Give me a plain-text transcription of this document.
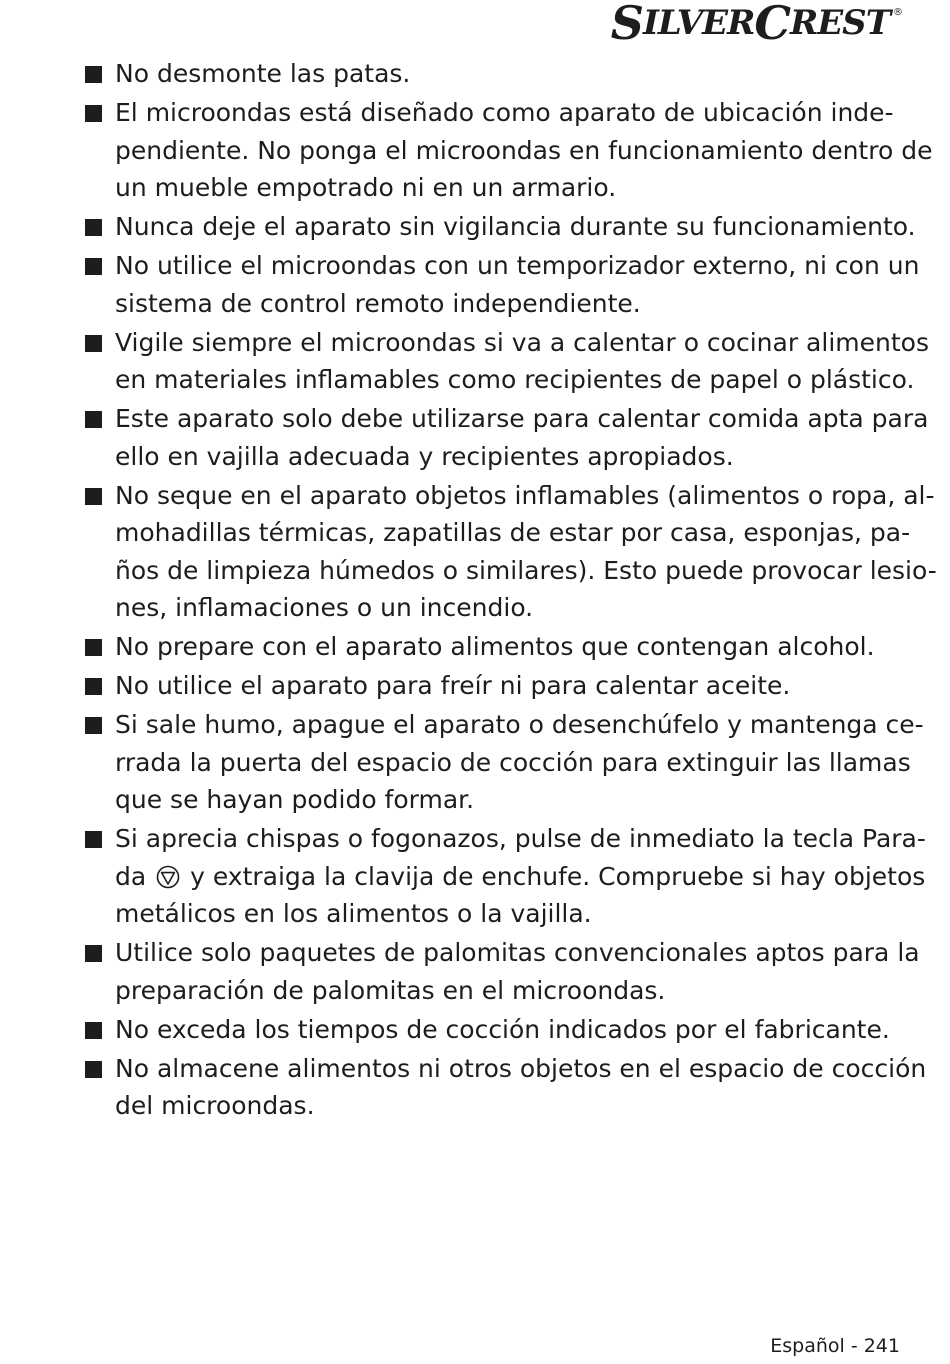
S ILVER C REST ®
No desmonte las patas.
El microondas está diseñado como aparato de ubicación inde-
pendiente. No ponga el microondas en funcionamiento dentro de
un mueble empotrado ni en un armario.
Nunca deje el aparato sin vigilancia durante su funcionamiento.
No utilice el microondas con un temporizador externo, ni con un
sistema de control remoto independiente.
Vigile siempre el microondas si va a calentar o cocinar alimentos
en materiales inflamables como recipientes de papel o plástico.
Este aparato solo debe utilizarse para calentar comida apta para
ello en vajilla adecuada y recipientes apropiados.
No seque en el aparato objetos inflamables (alimentos o ropa, al-
mohadillas térmicas, zapatillas de estar por casa, esponjas, pa-
ños de limpieza húmedos o similares). Esto puede provocar lesio-
nes, inflamaciones o un incendio.
No prepare con el aparato alimentos que contengan alcohol.
No utilice el aparato para freír ni para calentar aceite.
Si sale humo, apague el aparato o desenchúfelo y mantenga ce-
rrada la puerta del espacio de cocción para extinguir las llamas
que se hayan podido formar.
Si aprecia chispas o fogonazos, pulse de inmediato la tecla Para-
da  y extraiga la clavija de enchufe. Compruebe si hay objetos
metálicos en los alimentos o la vajilla.
Utilice solo paquetes de palomitas convencionales aptos para la
preparación de palomitas en el microondas.
No exceda los tiempos de cocción indicados por el fabricante.
No almacene alimentos ni otros objetos en el espacio de cocción
del microondas.
Español - 241
